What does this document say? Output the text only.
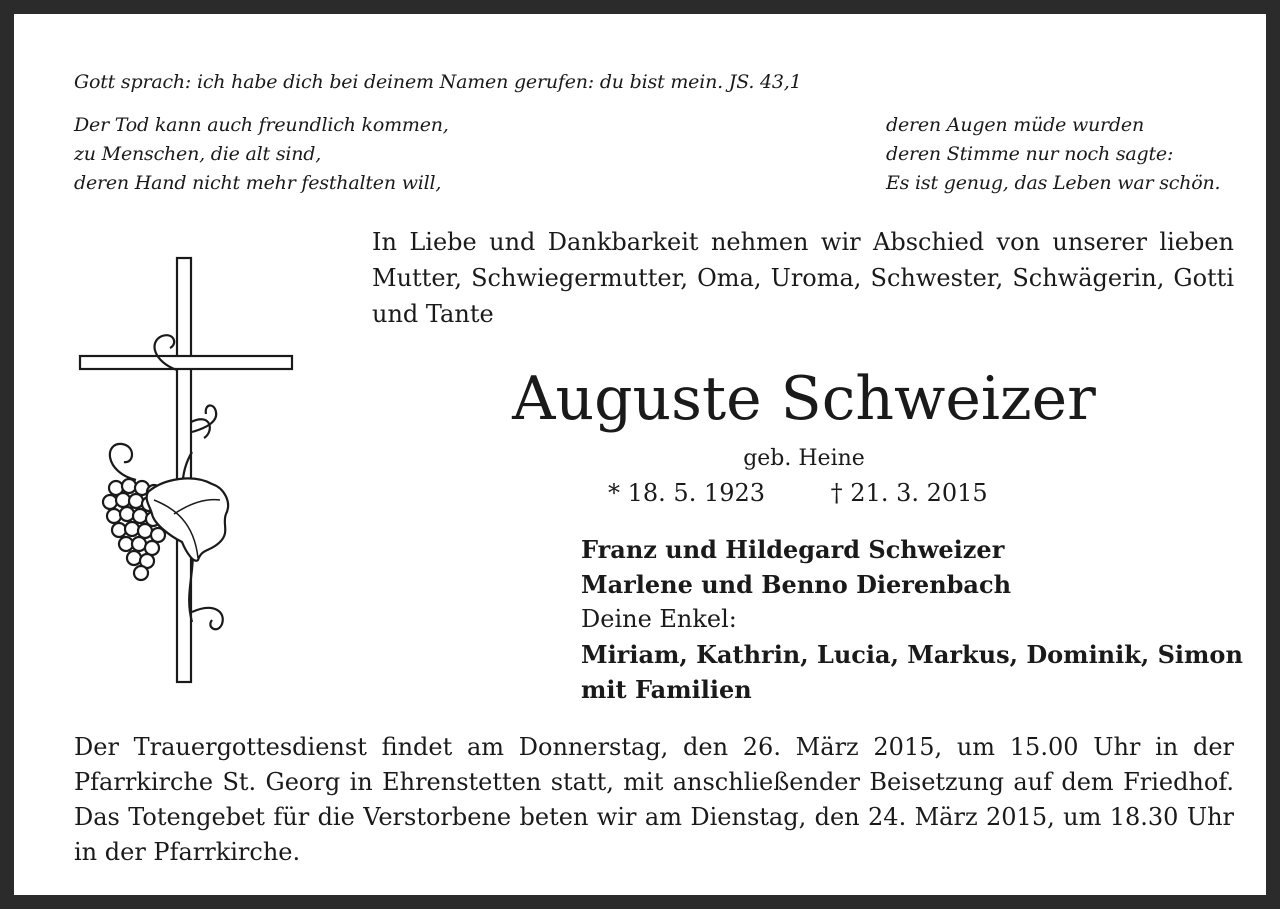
Gott sprach: ich habe dich bei deinem Namen gerufen: du bist mein. JS. 43,1
Der Tod kann auch freundlich kommen,
zu Menschen, die alt sind,
deren Hand nicht mehr festhalten will,
deren Augen müde wurden
deren Stimme nur noch sagte:
Es ist genug, das Leben war schön.
In Liebe und Dankbarkeit nehmen wir Abschied von unserer lieben Mutter, Schwiegermutter, Oma, Uroma, Schwester, Schwägerin, Gotti und Tante
Auguste Schweizer
geb. Heine
* 18. 5. 1923	† 21. 3. 2015
Franz und Hildegard Schweizer
Marlene und Benno Dierenbach
Deine Enkel:
Miriam, Kathrin, Lucia, Markus, Dominik, Simon
mit Familien
Der Trauergottesdienst findet am Donnerstag, den 26. März 2015, um 15.00 Uhr in der Pfarrkirche St. Georg in Ehrenstetten statt, mit anschließender Beisetzung auf dem Friedhof. Das Totengebet für die Verstorbene beten wir am Dienstag, den 24. März 2015, um 18.30 Uhr in der Pfarrkirche.
